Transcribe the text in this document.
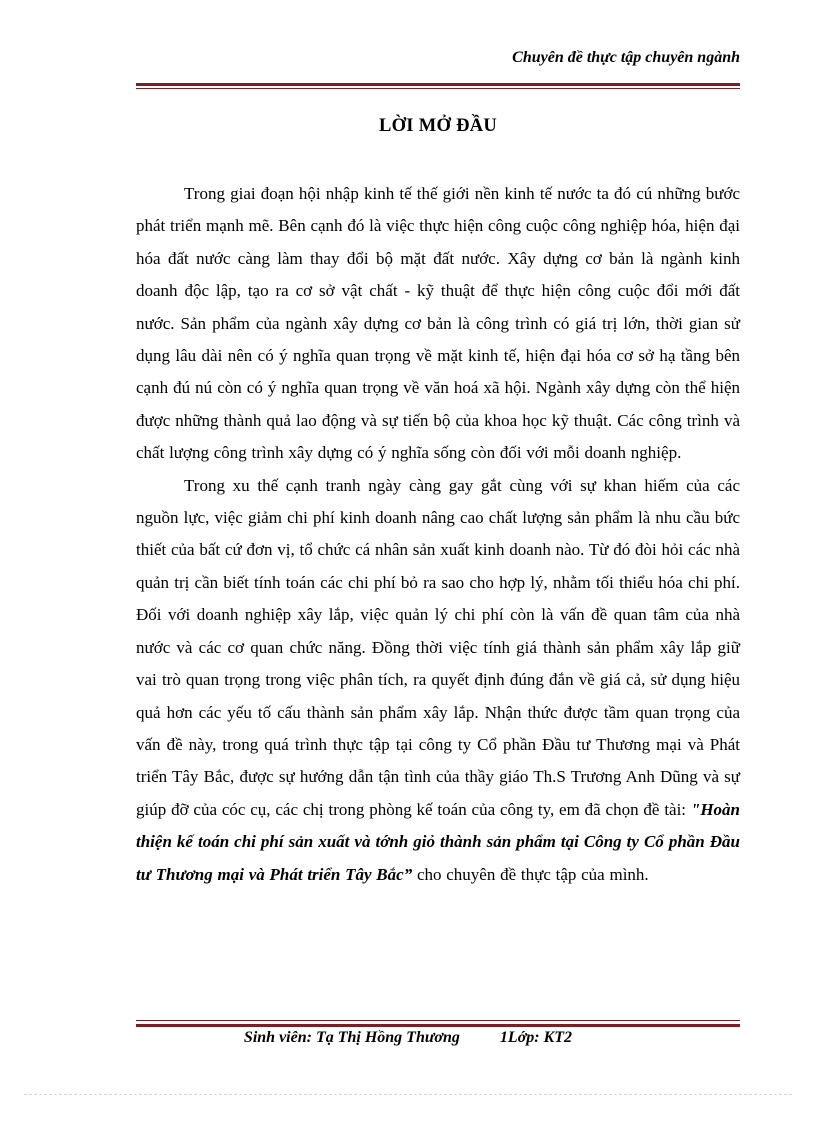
Chuyên đề thực tập chuyên ngành
LỜI MỞ ĐẦU

Trong giai đoạn hội nhập kinh tế thế giới nền kinh tế nước ta đó cú những bước phát triển mạnh mẽ. Bên cạnh đó là việc thực hiện công cuộc công nghiệp hóa, hiện đại hóa đất nước càng làm thay đổi bộ mặt đất nước. Xây dựng cơ bản là ngành kinh doanh độc lập, tạo ra cơ sở vật chất - kỹ thuật để thực hiện công cuộc đổi mới đất nước. Sản phẩm của ngành xây dựng cơ bản là công trình có giá trị lớn, thời gian sử dụng lâu dài nên có ý nghĩa quan trọng về mặt kinh tế, hiện đại hóa cơ sở hạ tầng bên cạnh đú nú còn có ý nghĩa quan trọng về văn hoá xã hội. Ngành xây dựng còn thể hiện được những thành quả lao động và sự tiến bộ của khoa học kỹ thuật. Các công trình và chất lượng công trình xây dựng có ý nghĩa sống còn đối với mỗi doanh nghiệp.

Trong xu thế cạnh tranh ngày càng gay gắt cùng với sự khan hiếm của các nguồn lực, việc giảm chi phí kinh doanh nâng cao chất lượng sản phẩm là nhu cầu bức thiết của bất cứ đơn vị, tổ chức cá nhân sản xuất kinh doanh nào. Từ đó đòi hỏi các nhà quản trị cần biết tính toán các chi phí bỏ ra sao cho hợp lý, nhằm tối thiểu hóa chi phí. Đối với doanh nghiệp xây lắp, việc quản lý chi phí còn là vấn đề quan tâm của nhà nước và các cơ quan chức năng. Đồng thời việc tính giá thành sản phẩm xây lắp giữ vai trò quan trọng trong việc phân tích, ra quyết định đúng đắn về giá cả, sử dụng hiệu quả hơn các yếu tố cấu thành sản phẩm xây lắp. Nhận thức được tầm quan trọng của vấn đề này, trong quá trình thực tập tại công ty Cổ phần Đầu tư Thương mại và Phát triển Tây Bắc, được sự hướng dẫn tận tình của thầy giáo Th.S Trương Anh Dũng và sự giúp đỡ của cóc cụ, các chị trong phòng kế toán của công ty, em đã chọn đề tài: "Hoàn thiện kế toán chi phí sản xuất và tớnh giỏ thành sản phẩm tại Công ty Cổ phần Đầu tư Thương mại và Phát triển Tây Bắc” cho chuyên đề thực tập của mình.

Sinh viên: Tạ Thị Hồng Thương	1Lớp: KT2
